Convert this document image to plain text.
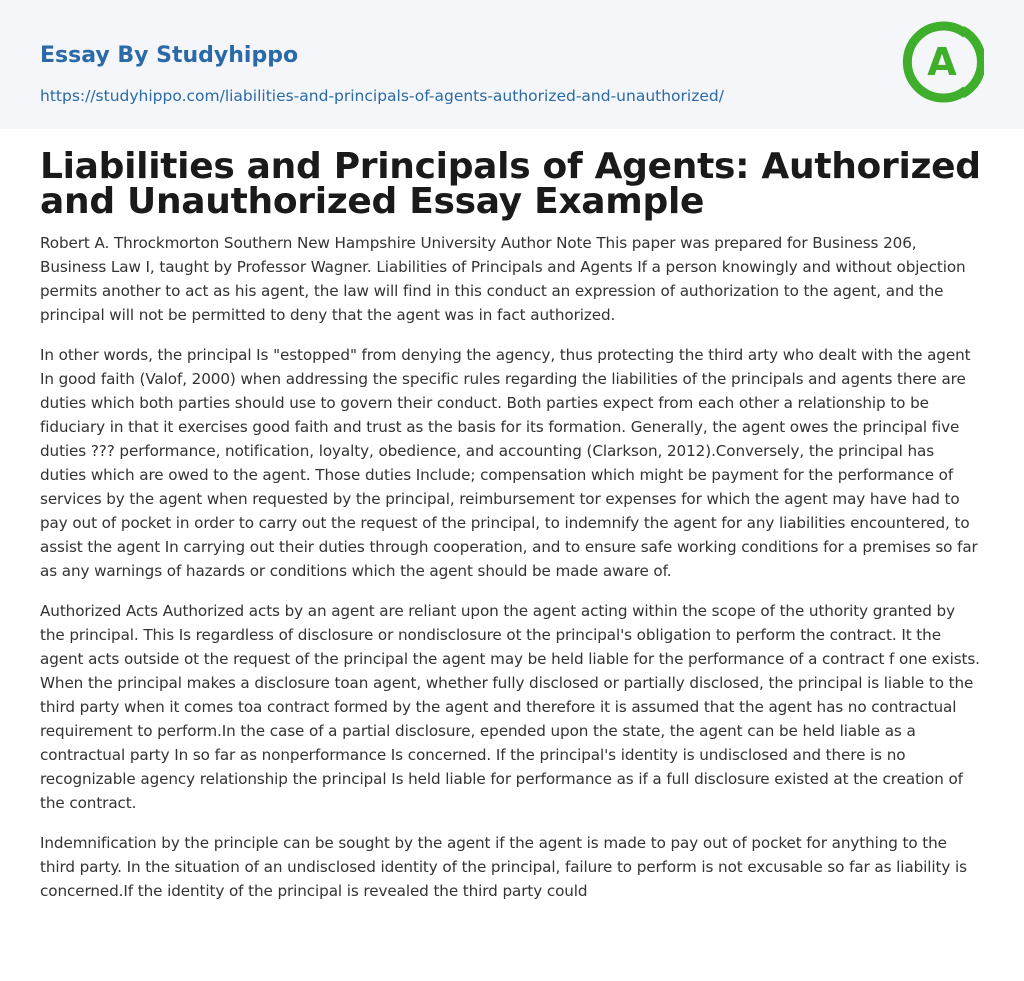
Essay By Studyhippo
https://studyhippo.com/liabilities-and-principals-of-agents-authorized-and-unauthorized/
A
Liabilities and Principals of Agents: Authorized and Unauthorized Essay Example

Robert A. Throckmorton Southern New Hampshire University Author Note This paper was prepared for Business 206, Business Law I, taught by Professor Wagner. Liabilities of Principals and Agents If a person knowingly and without objection permits another to act as his agent, the law will find in this conduct an expression of authorization to the agent, and the principal will not be permitted to deny that the agent was in fact authorized.

In other words, the principal Is "estopped" from denying the agency, thus protecting the third arty who dealt with the agent In good faith (Valof, 2000) when addressing the specific rules regarding the liabilities of the principals and agents there are duties which both parties should use to govern their conduct. Both parties expect from each other a relationship to be fiduciary in that it exercises good faith and trust as the basis for its formation. Generally, the agent owes the principal five duties ??? performance, notification, loyalty, obedience, and accounting (Clarkson, 2012).Conversely, the principal has duties which are owed to the agent. Those duties Include; compensation which might be payment for the performance of services by the agent when requested by the principal, reimbursement tor expenses for which the agent may have had to pay out of pocket in order to carry out the request of the principal, to indemnify the agent for any liabilities encountered, to assist the agent In carrying out their duties through cooperation, and to ensure safe working conditions for a premises so far as any warnings of hazards or conditions which the agent should be made aware of.

Authorized Acts Authorized acts by an agent are reliant upon the agent acting within the scope of the uthority granted by the principal. This Is regardless of disclosure or nondisclosure ot the principal's obligation to perform the contract. It the agent acts outside ot the request of the principal the agent may be held liable for the performance of a contract f one exists. When the principal makes a disclosure toan agent, whether fully disclosed or partially disclosed, the principal is liable to the third party when it comes toa contract formed by the agent and therefore it is assumed that the agent has no contractual requirement to perform.In the case of a partial disclosure, epended upon the state, the agent can be held liable as a contractual party In so far as nonperformance Is concerned. If the principal's identity is undisclosed and there is no recognizable agency relationship the principal Is held liable for performance as if a full disclosure existed at the creation of the contract.

Indemnification by the principle can be sought by the agent if the agent is made to pay out of pocket for anything to the third party. In the situation of an undisclosed identity of the principal, failure to perform is not excusable so far as liability is concerned.If the identity of the principal is revealed the third party could
